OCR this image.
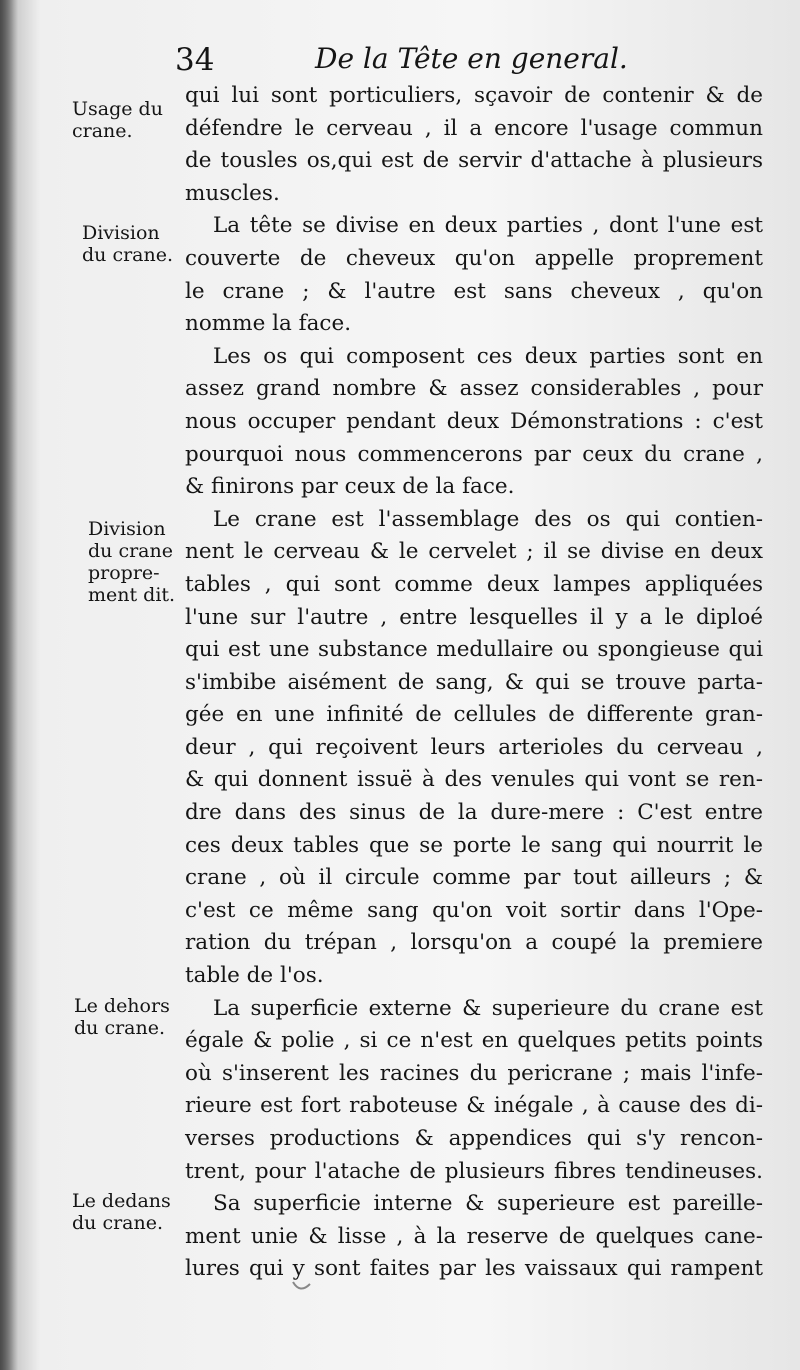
34	De la Tête en general.
Usage du
crane.
Division
du crane.
Division
du crane
propre-
ment dit.
Le dehors
du crane.
Le dedans
du crane.
qui lui sont porticuliers, sçavoir de contenir & de
défendre le cerveau , il a encore l'usage commun
de tousles os,qui est de servir d'attache à plusieurs
muscles.
La tête se divise en deux parties , dont l'une est
couverte de cheveux qu'on appelle proprement
le crane ; & l'autre est sans cheveux , qu'on
nomme la face.
Les os qui composent ces deux parties sont en
assez grand nombre & assez considerables , pour
nous occuper pendant deux Démonstrations : c'est
pourquoi nous commencerons par ceux du crane ,
& finirons par ceux de la face.
Le crane est l'assemblage des os qui contien-
nent le cerveau & le cervelet ; il se divise en deux
tables , qui sont comme deux lampes appliquées
l'une sur l'autre , entre lesquelles il y a le diploé
qui est une substance medullaire ou spongieuse qui
s'imbibe aisément de sang, & qui se trouve parta-
gée en une infinité de cellules de differente gran-
deur , qui reçoivent leurs arterioles du cerveau ,
& qui donnent issuë à des venules qui vont se ren-
dre dans des sinus de la dure-mere : C'est entre
ces deux tables que se porte le sang qui nourrit le
crane , où il circule comme par tout ailleurs ; &
c'est ce même sang qu'on voit sortir dans l'Ope-
ration du trépan , lorsqu'on a coupé la premiere
table de l'os.
La superficie externe & superieure du crane est
égale & polie , si ce n'est en quelques petits points
où s'inserent les racines du pericrane ; mais l'infe-
rieure est fort raboteuse & inégale , à cause des di-
verses productions & appendices qui s'y rencon-
trent, pour l'atache de plusieurs fibres tendineuses.
Sa superficie interne & superieure est pareille-
ment unie & lisse , à la reserve de quelques cane-
lures qui y sont faites par les vaissaux qui rampent
